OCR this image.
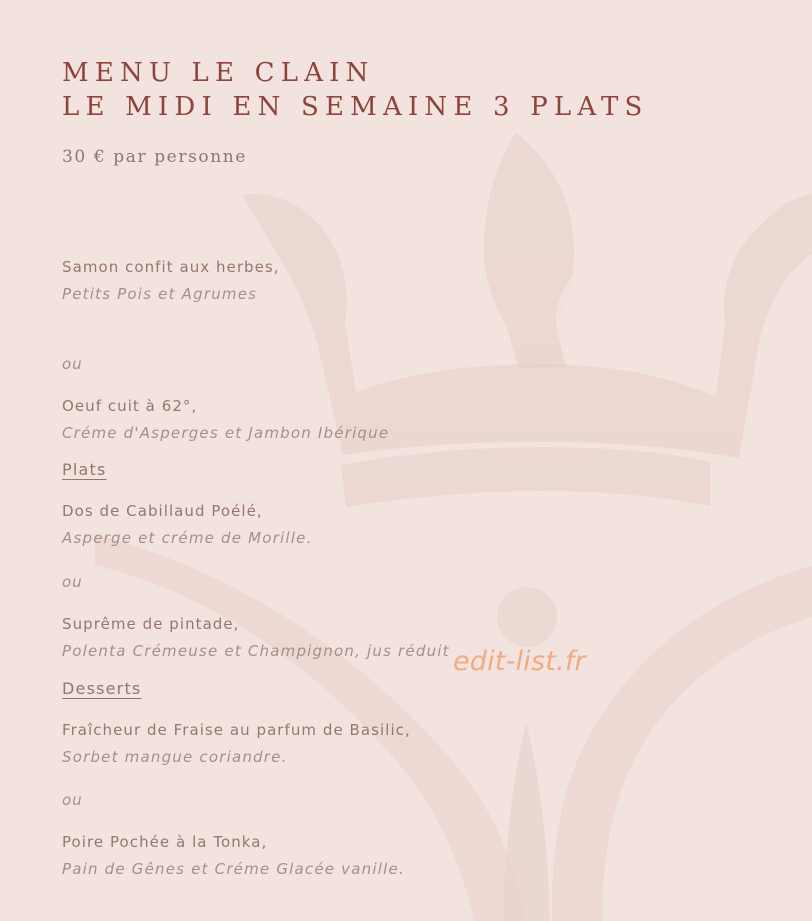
MENU LE CLAIN
LE MIDI EN SEMAINE 3 PLATS
30 € par personne
Samon confit aux herbes,
Petits Pois et Agrumes
ou
Oeuf cuit à 62°,
Créme d'Asperges et Jambon Ibérique
Plats
Dos de Cabillaud Poélé,
Asperge et créme de Morille.
ou
Suprême de pintade,
Polenta Crémeuse et Champignon, jus réduit
Desserts
Fraîcheur de Fraise au parfum de Basilic,
Sorbet mangue coriandre.
ou
Poire Pochée à la Tonka,
Pain de Gênes et Créme Glacée vanille.
edit-list.fr
